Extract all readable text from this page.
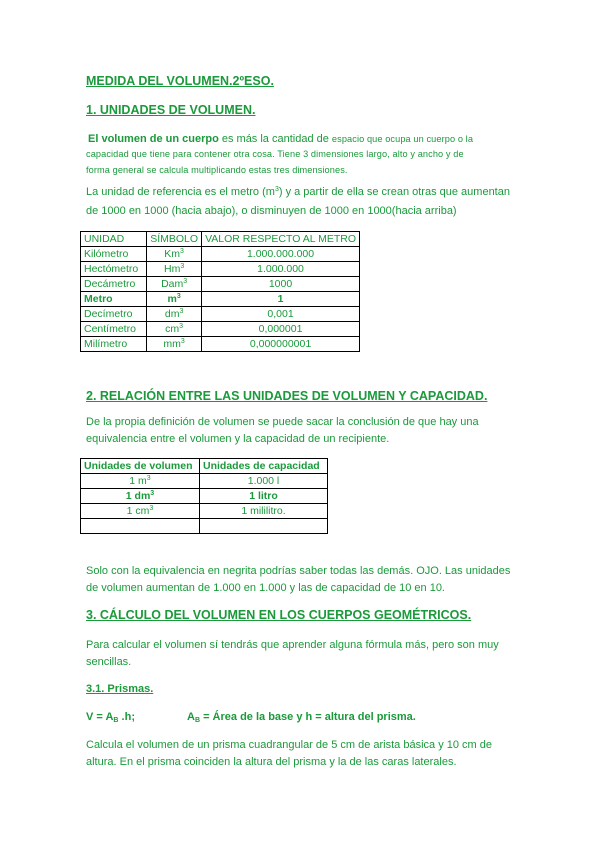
MEDIDA DEL VOLUMEN.2ºESO.
1. UNIDADES DE VOLUMEN.
El volumen de un cuerpo es más la cantidad de espacio que ocupa un cuerpo o la
capacidad que tiene para contener otra cosa. Tiene 3 dimensiones largo, alto y ancho y de
forma general se calcula multiplicando estas tres dimensiones.
La unidad de referencia es el metro $(m^3)$ y a partir de ella se crean otras que aumentan
de 1000 en 1000 (hacia abajo), o disminuyen de 1000 en 1000(hacia arriba)
UNIDAD	SÍMBOLO	VALOR RESPECTO AL METRO
Kilómetro	Km$^3$	1.000.000.000
Hectómetro	Hm$^3$	1.000.000
Decámetro	Dam$^3$	1000
Metro	$m^3$	1
Decímetro	$dm^3$	0,001
Centímetro	$cm^3$	0,000001
Milímetro	$mm^3$	0,000000001
2. RELACIÓN ENTRE LAS UNIDADES DE VOLUMEN Y CAPACIDAD.
De la propia definición de volumen se puede sacar la conclusión de que hay una
equivalencia entre el volumen y la capacidad de un recipiente.
Unidades de volumen	Unidades de capacidad
1 $m^3$	1.000 l
1 $dm^3$	1 litro
1 $cm^3$	1 mililitro.

Solo con la equivalencia en negrita podrías saber todas las demás. OJO. Las unidades
de volumen aumentan de 1.000 en 1.000 y las de capacidad de 10 en 10.
3. CÁLCULO DEL VOLUMEN EN LOS CUERPOS GEOMÉTRICOS.
Para calcular el volumen sí tendrás que aprender alguna fórmula más, pero son muy
sencillas.
3.1. Prismas.
$V = A_B$ .h;	$A_B$ = Área de la base y h = altura del prisma.
Calcula el volumen de un prisma cuadrangular de 5 cm de arista básica y 10 cm de
altura. En el prisma coinciden la altura del prisma y la de las caras laterales.
